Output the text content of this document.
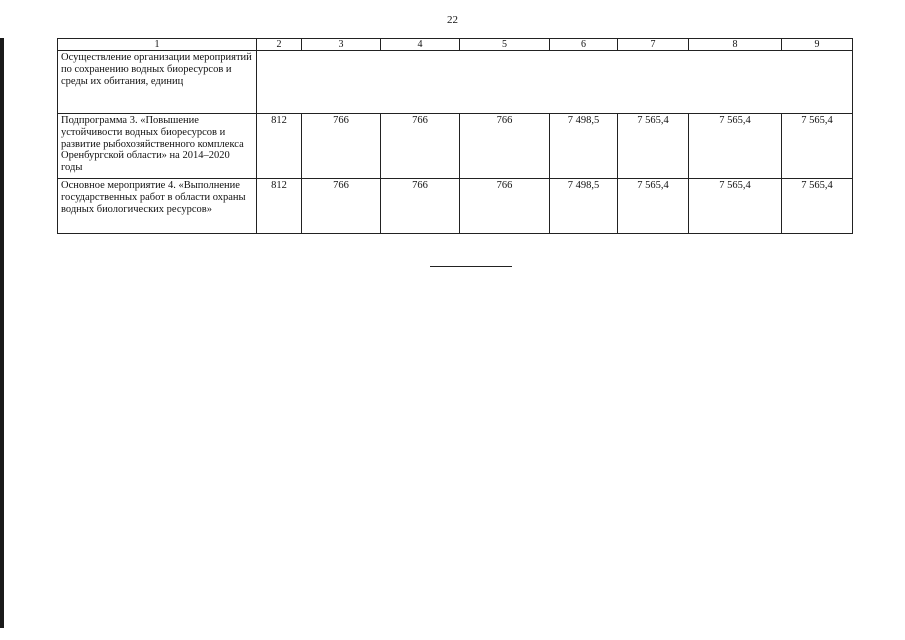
22
1	2	3	4	5	6	7	8	9
Осуществление организации мероприятий по сохранению водных биоресурсов и среды их обитания, единиц								
Подпрограмма 3. «Повышение устойчивости водных биоресурсов и развитие рыбохозяйственного комплекса Оренбургской области» на 2014–2020 годы	812	766	766	766	7 498,5	7 565,4	7 565,4	7 565,4
Основное мероприятие 4. «Выполнение государственных работ в области охраны водных биологических ресурсов»	812	766	766	766	7 498,5	7 565,4	7 565,4	7 565,4
